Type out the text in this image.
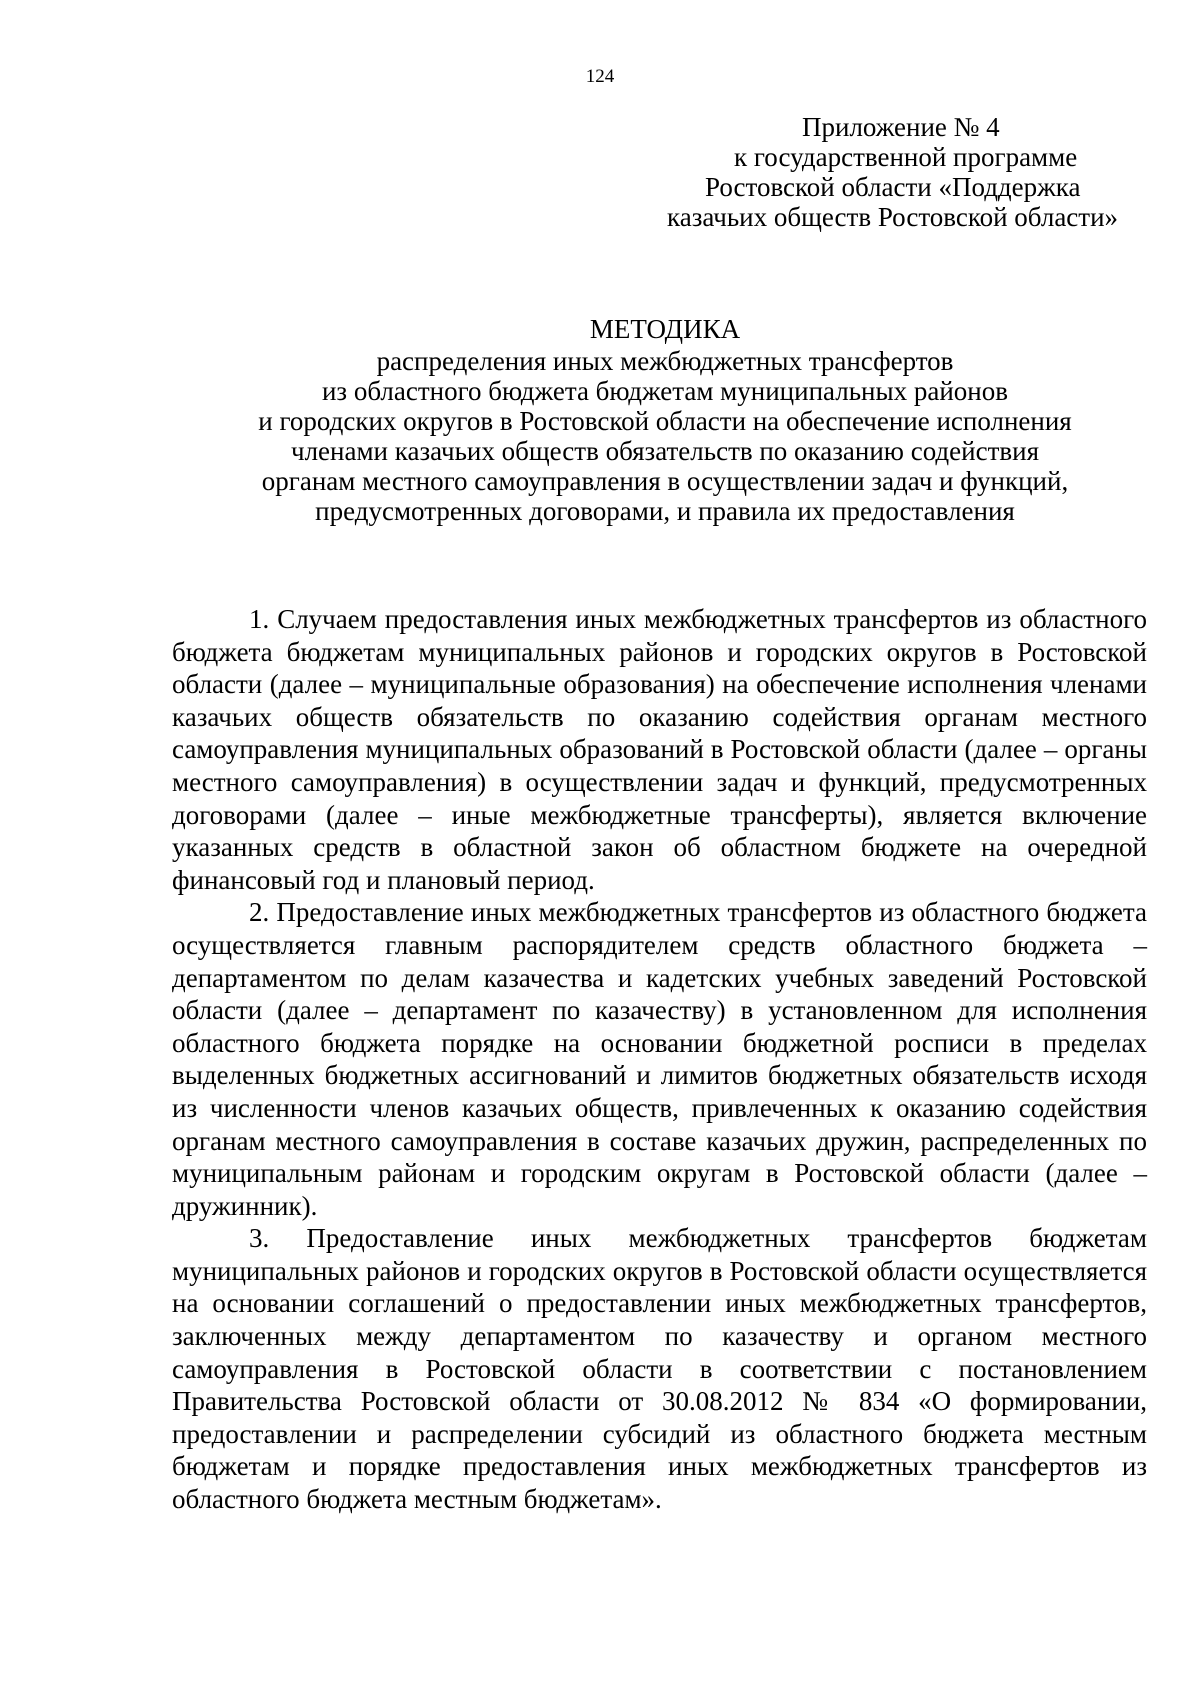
124
Приложение № 4
к государственной программе
Ростовской области «Поддержка
казачьих обществ Ростовской области»
МЕТОДИКА
распределения иных межбюджетных трансфертов
из областного бюджета бюджетам муниципальных районов
и городских округов в Ростовской области на обеспечение исполнения
членами казачьих обществ обязательств по оказанию содействия
органам местного самоуправления в осуществлении задач и функций,
предусмотренных договорами, и правила их предоставления

1. Случаем предоставления иных межбюджетных трансфертов из областного бюджета бюджетам муниципальных районов и городских округов в Ростовской области (далее – муниципальные образования) на обеспечение исполнения членами казачьих обществ обязательств по оказанию содействия органам местного самоуправления муниципальных образований в Ростовской области (далее – органы местного самоуправления) в осуществлении задач и функций, предусмотренных договорами (далее – иные межбюджетные трансферты), является включение указанных средств в областной закон об областном бюджете на очередной финансовый год и плановый период.

2. Предоставление иных межбюджетных трансфертов из областного бюджета осуществляется главным распорядителем средств областного бюджета – департаментом по делам казачества и кадетских учебных заведений Ростовской области (далее – департамент по казачеству) в установленном для исполнения областного бюджета порядке на основании бюджетной росписи в пределах выделенных бюджетных ассигнований и лимитов бюджетных обязательств исходя из численности членов казачьих обществ, привлеченных к оказанию содействия органам местного самоуправления в составе казачьих дружин, распределенных по муниципальным районам и городским округам в Ростовской области (далее – дружинник).

3. Предоставление иных межбюджетных трансфертов бюджетам муниципальных районов и городских округов в Ростовской области осуществляется на основании соглашений о предоставлении иных межбюджетных трансфертов, заключенных между департаментом по казачеству и органом местного самоуправления в Ростовской области в соответствии с постановлением Правительства Ростовской области от 30.08.2012 № 834 «О формировании, предоставлении и распределении субсидий из областного бюджета местным бюджетам и порядке предоставления иных межбюджетных трансфертов из областного бюджета местным бюджетам».
